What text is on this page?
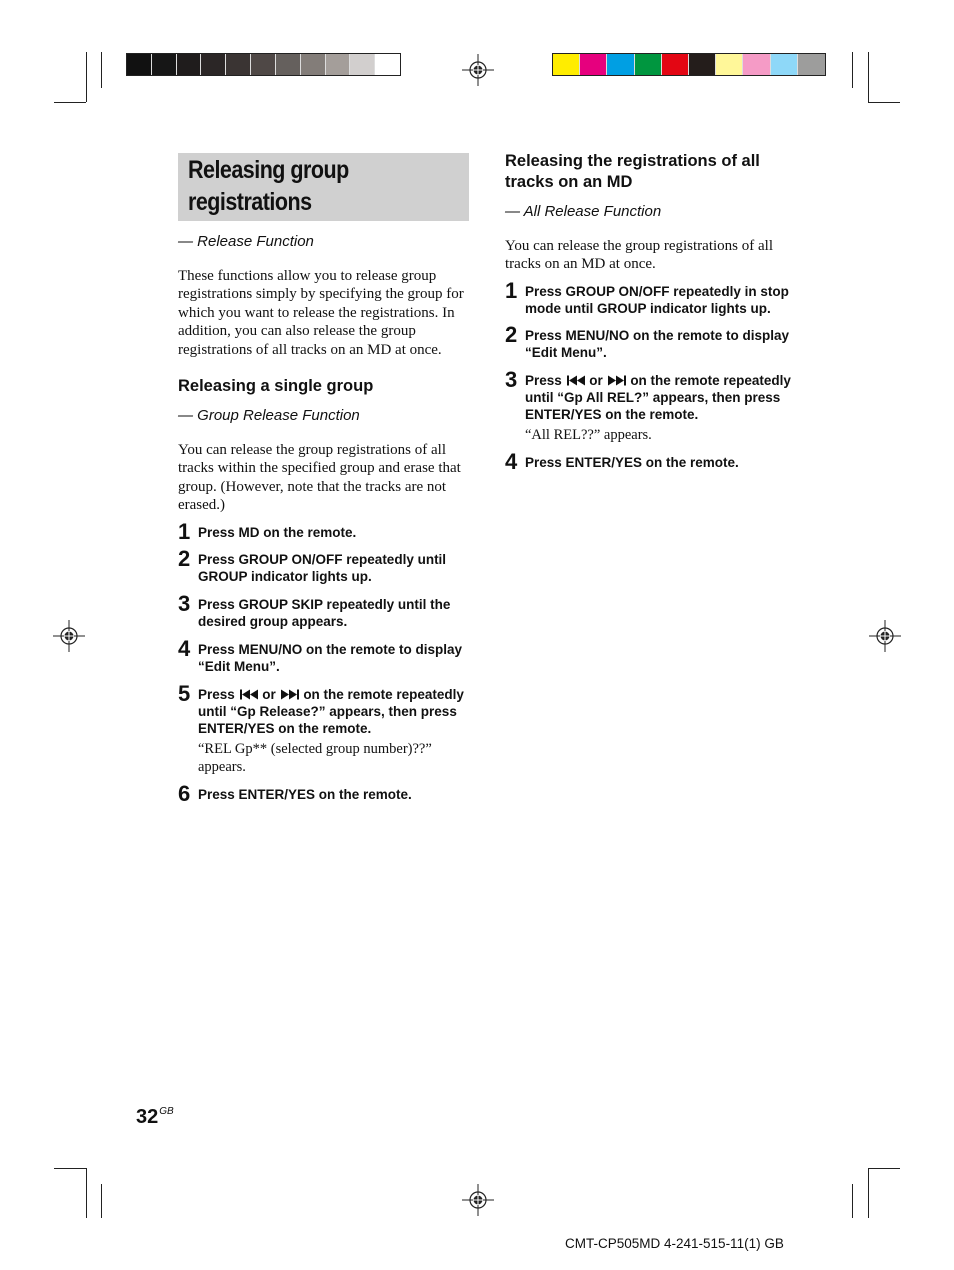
Releasing group registrations

— Release Function

These functions allow you to release group registrations simply by specifying the group for which you want to release the registrations. In addition, you can also release the group registrations of all tracks on an MD at once.

Releasing a single group

— Group Release Function

You can release the group registrations of all tracks within the specified group and erase that group. (However, note that the tracks are not erased.)

1 Press MD on the remote.

2 Press GROUP ON/OFF repeatedly until GROUP indicator lights up.

3 Press GROUP SKIP repeatedly until the desired group appears.

4 Press MENU/NO on the remote to display “Edit Menu”.

5 Press  or  on the remote repeatedly until “Gp Release?” appears, then press ENTER/YES on the remote.

“REL Gp** (selected group number)??” appears.

6 Press ENTER/YES on the remote.

Releasing the registrations of all tracks on an MD

— All Release Function

You can release the group registrations of all tracks on an MD at once.

1 Press GROUP ON/OFF repeatedly in stop mode until GROUP indicator lights up.

2 Press MENU/NO on the remote to display “Edit Menu”.

3 Press  or  on the remote repeatedly until “Gp All REL?” appears, then press ENTER/YES on the remote.

“All REL??” appears.

4 Press ENTER/YES on the remote.

$32^{GB}$
CMT-CP505MD 4-241-515-11(1) GB
